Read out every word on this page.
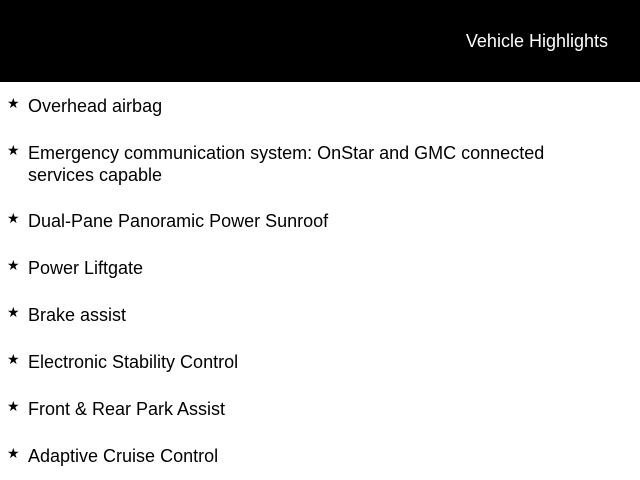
Vehicle Highlights
★ Overhead airbag
★ Emergency communication system: OnStar and GMC connected services capable
★ Dual-Pane Panoramic Power Sunroof
★ Power Liftgate
★ Brake assist
★ Electronic Stability Control
★ Front & Rear Park Assist
★ Adaptive Cruise Control
